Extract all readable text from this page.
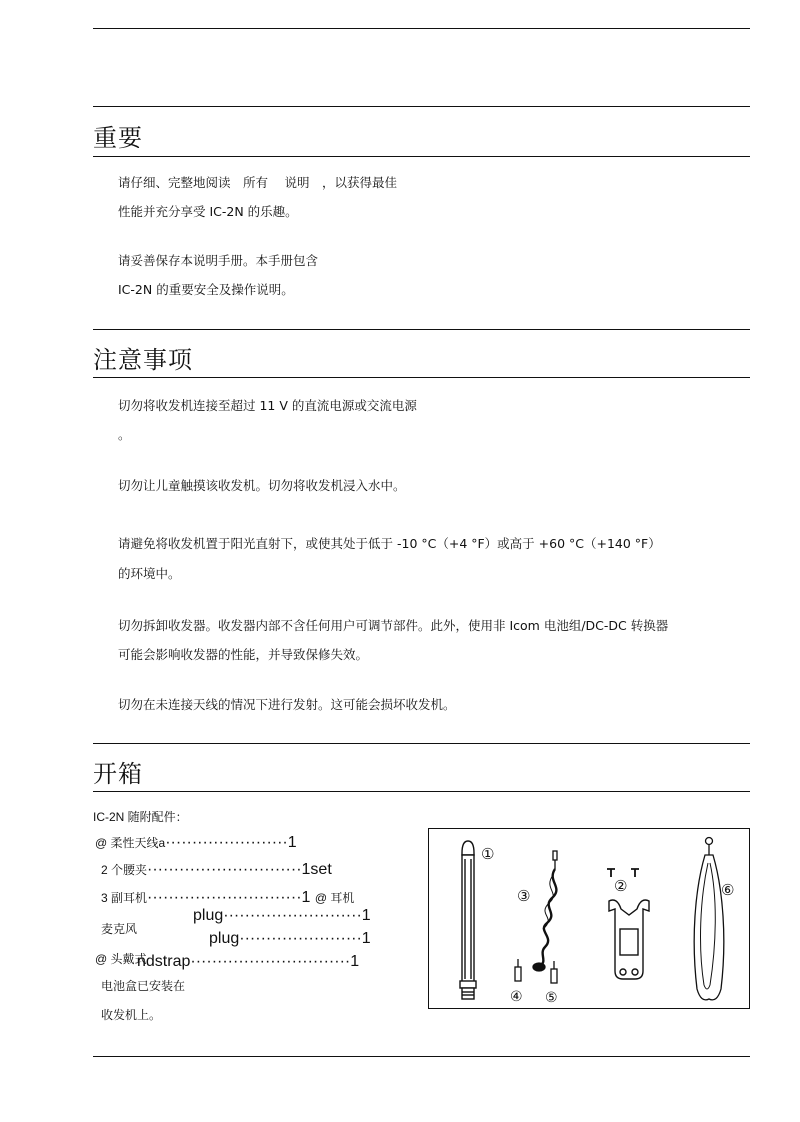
重要
请仔细、完整地阅读　所有　 说明　，以获得最佳
性能并充分享受 IC-2N 的乐趣。
请妥善保存本说明手册。本手册包含
IC-2N 的重要安全及操作说明。
注意事项
切勿将收发机连接至超过 11 V 的直流电源或交流电源
。
切勿让儿童触摸该收发机。切勿将收发机浸入水中。
请避免将收发机置于阳光直射下，或使其处于低于 -10 °C（+4 °F）或高于 +60 °C（+140 °F）
的环境中。
切勿拆卸收发器。收发器内部不含任何用户可调节部件。此外，使用非 Icom 电池组/DC-DC 转换器
可能会影响收发器的性能，并导致保修失效。
切勿在未连接天线的情况下进行发射。这可能会损坏收发机。
开箱
IC-2N 随附配件：
@ 柔性天线a·······················1
2 个腰夹·····························1set
3 副耳机·····························1 @ 耳机
麦克风
plug··························1
plug·······················1
@ 头戴式
ndstrap······························1
电池盒已安装在
收发机上。
①
③
④ ⑤
②	⑥
